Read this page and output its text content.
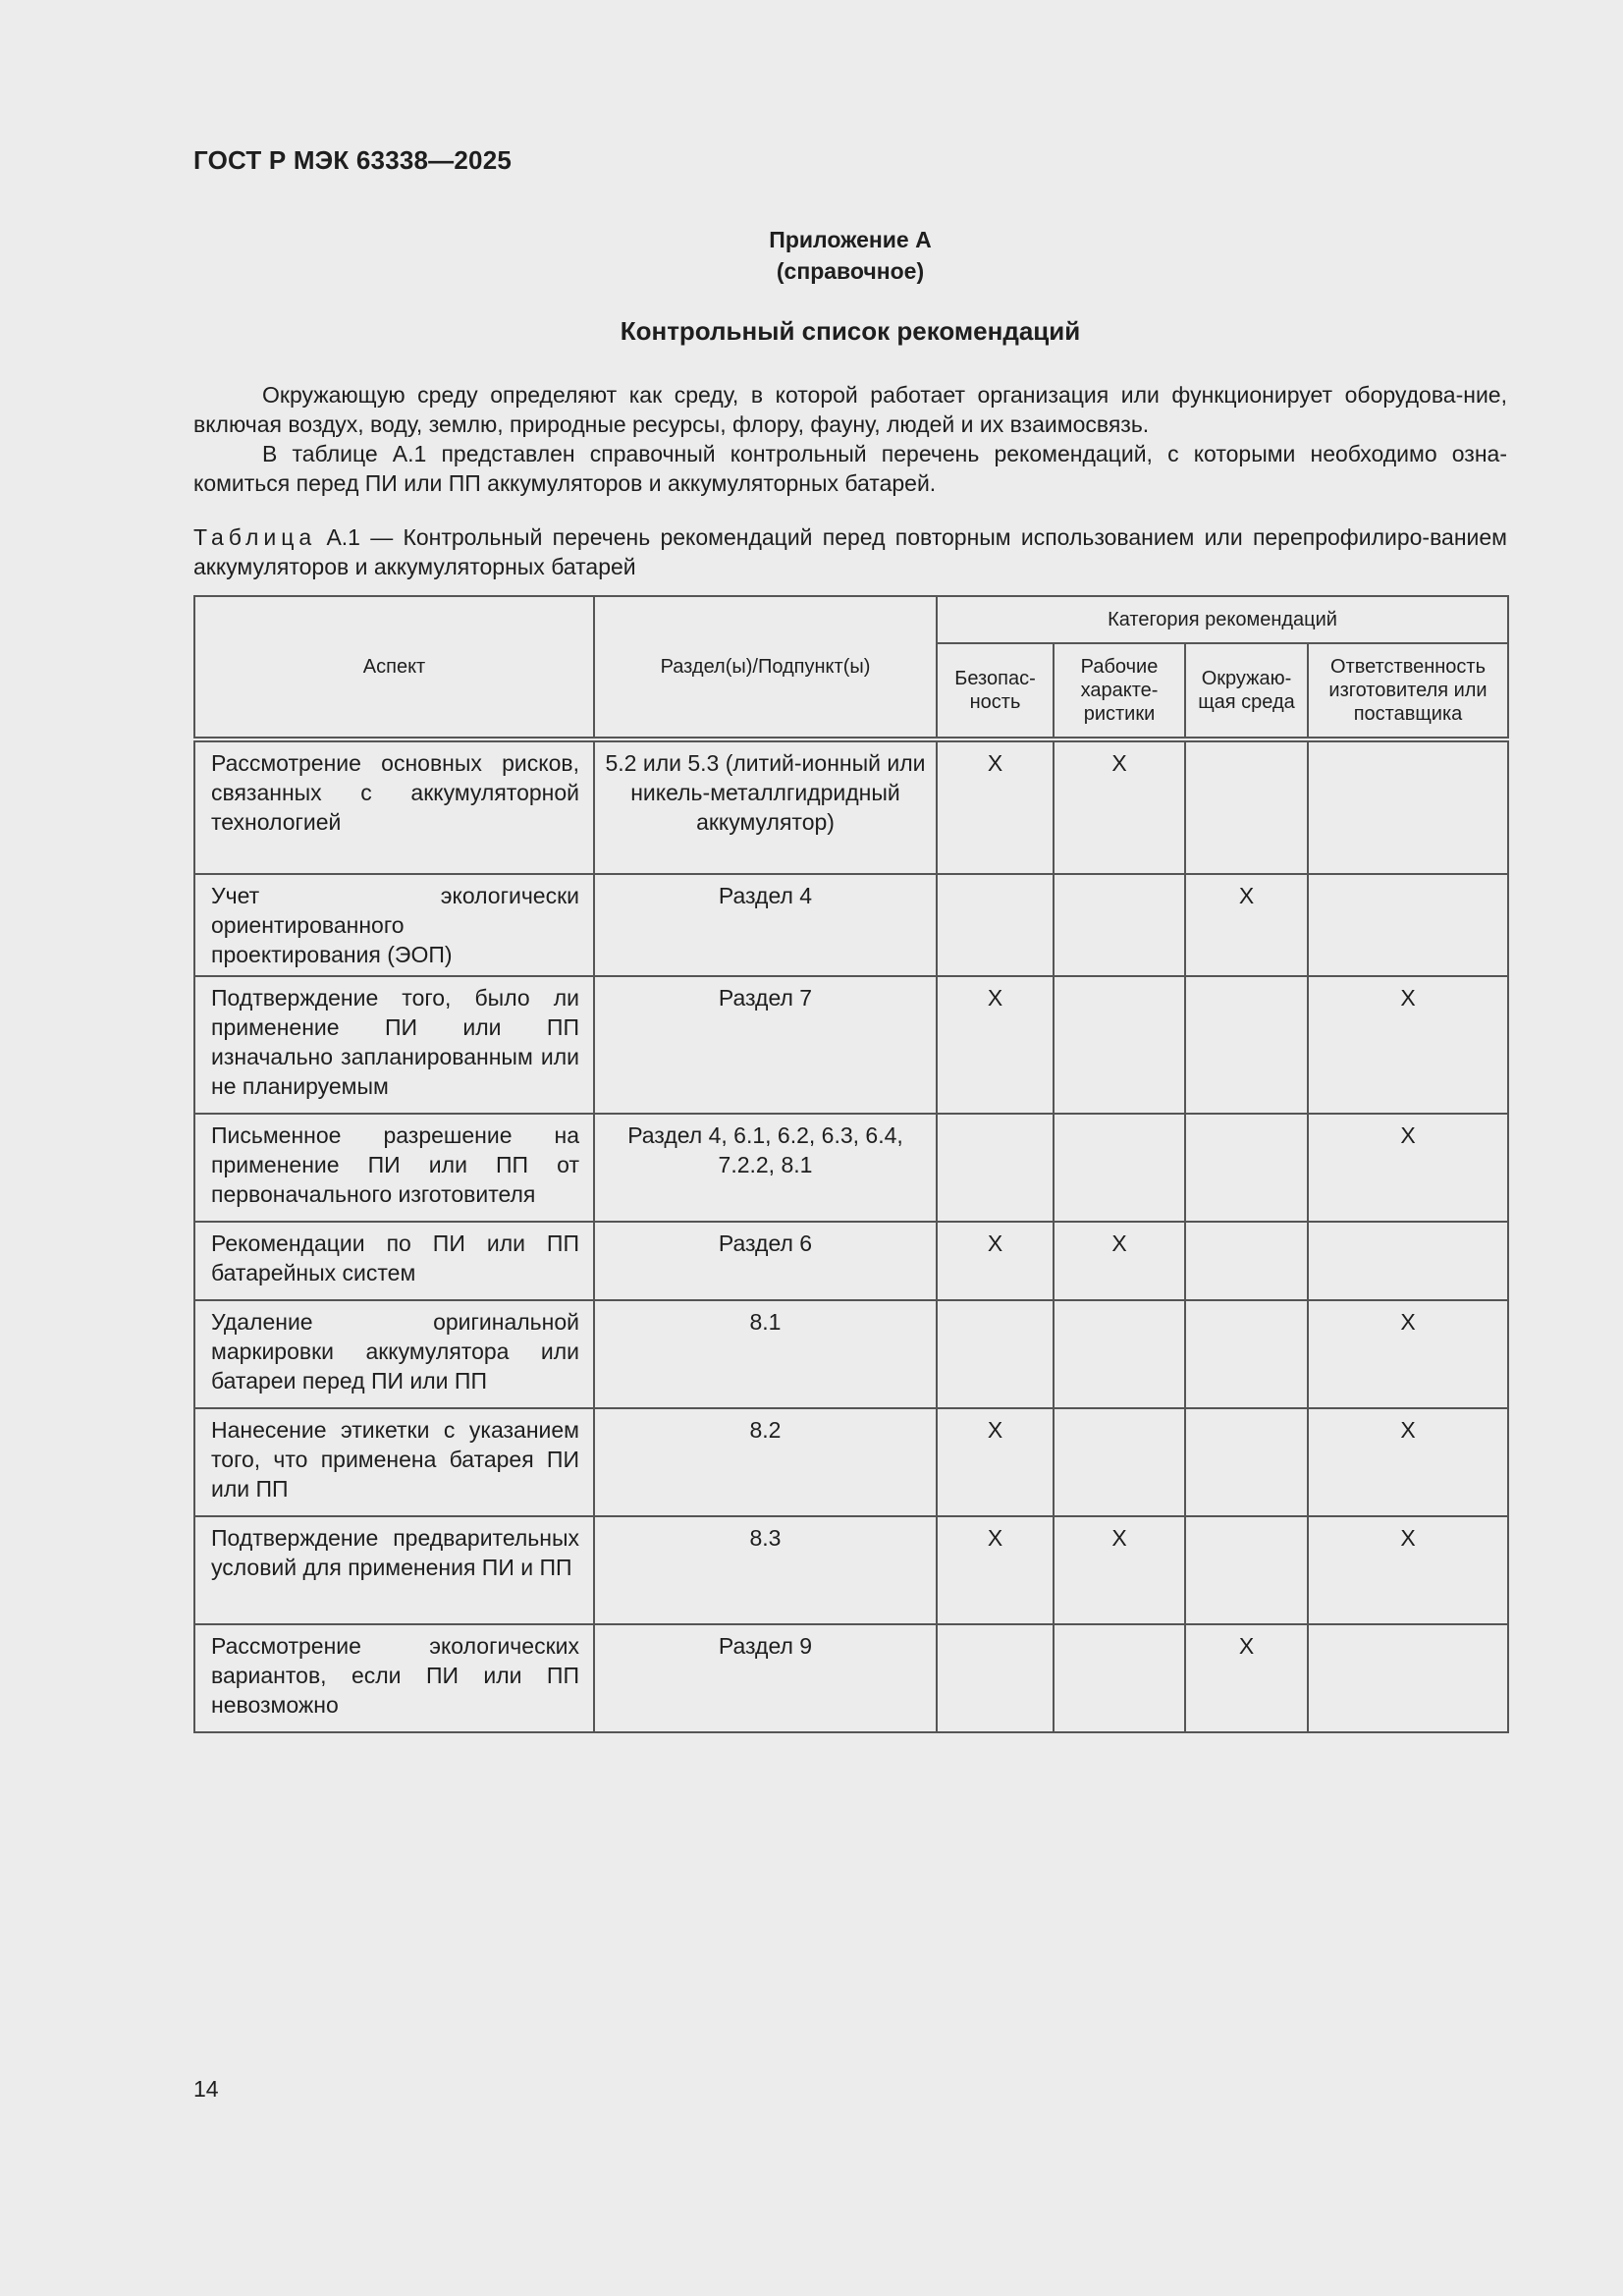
ГОСТ Р МЭК 63338—2025
Приложение А
(справочное)
Контрольный список рекомендаций

Окружающую среду определяют как среду, в которой работает организация или функционирует оборудова-ние, включая воздух, воду, землю, природные ресурсы, флору, фауну, людей и их взаимосвязь.

В таблице А.1 представлен справочный контрольный перечень рекомендаций, с которыми необходимо озна-комиться перед ПИ или ПП аккумуляторов и аккумуляторных батарей.

Таблица А.1 — Контрольный перечень рекомендаций перед повторным использованием или перепрофилиро-ванием аккумуляторов и аккумуляторных батарей
Аспект	Раздел(ы)/Подпункт(ы)	Категория рекомендаций			
		Безопас-ность	Рабочие характе-ристики	Окружаю-щая среда	Ответственность изготовителя или поставщика
Рассмотрение основных рисков, связанных с аккумуляторной технологией	5.2 или 5.3 (литий-ионный или никель-металлгидридный аккумулятор)	X	X		
Учет экологически ориентированного проектирования (ЭОП)	Раздел 4			X	
Подтверждение того, было ли применение ПИ или ПП изначально запланированным или не планируемым	Раздел 7	X			X
Письменное разрешение на применение ПИ или ПП от первоначального изготовителя	Раздел 4, 6.1, 6.2, 6.3, 6.4, 7.2.2, 8.1				X
Рекомендации по ПИ или ПП батарейных систем	Раздел 6	X	X		
Удаление оригинальной маркировки аккумулятора или батареи перед ПИ или ПП	8.1				X
Нанесение этикетки с указанием того, что применена батарея ПИ или ПП	8.2	X			X
Подтверждение предварительных условий для применения ПИ и ПП	8.3	X	X		X
Рассмотрение экологических вариантов, если ПИ или ПП невозможно	Раздел 9			X	
14
